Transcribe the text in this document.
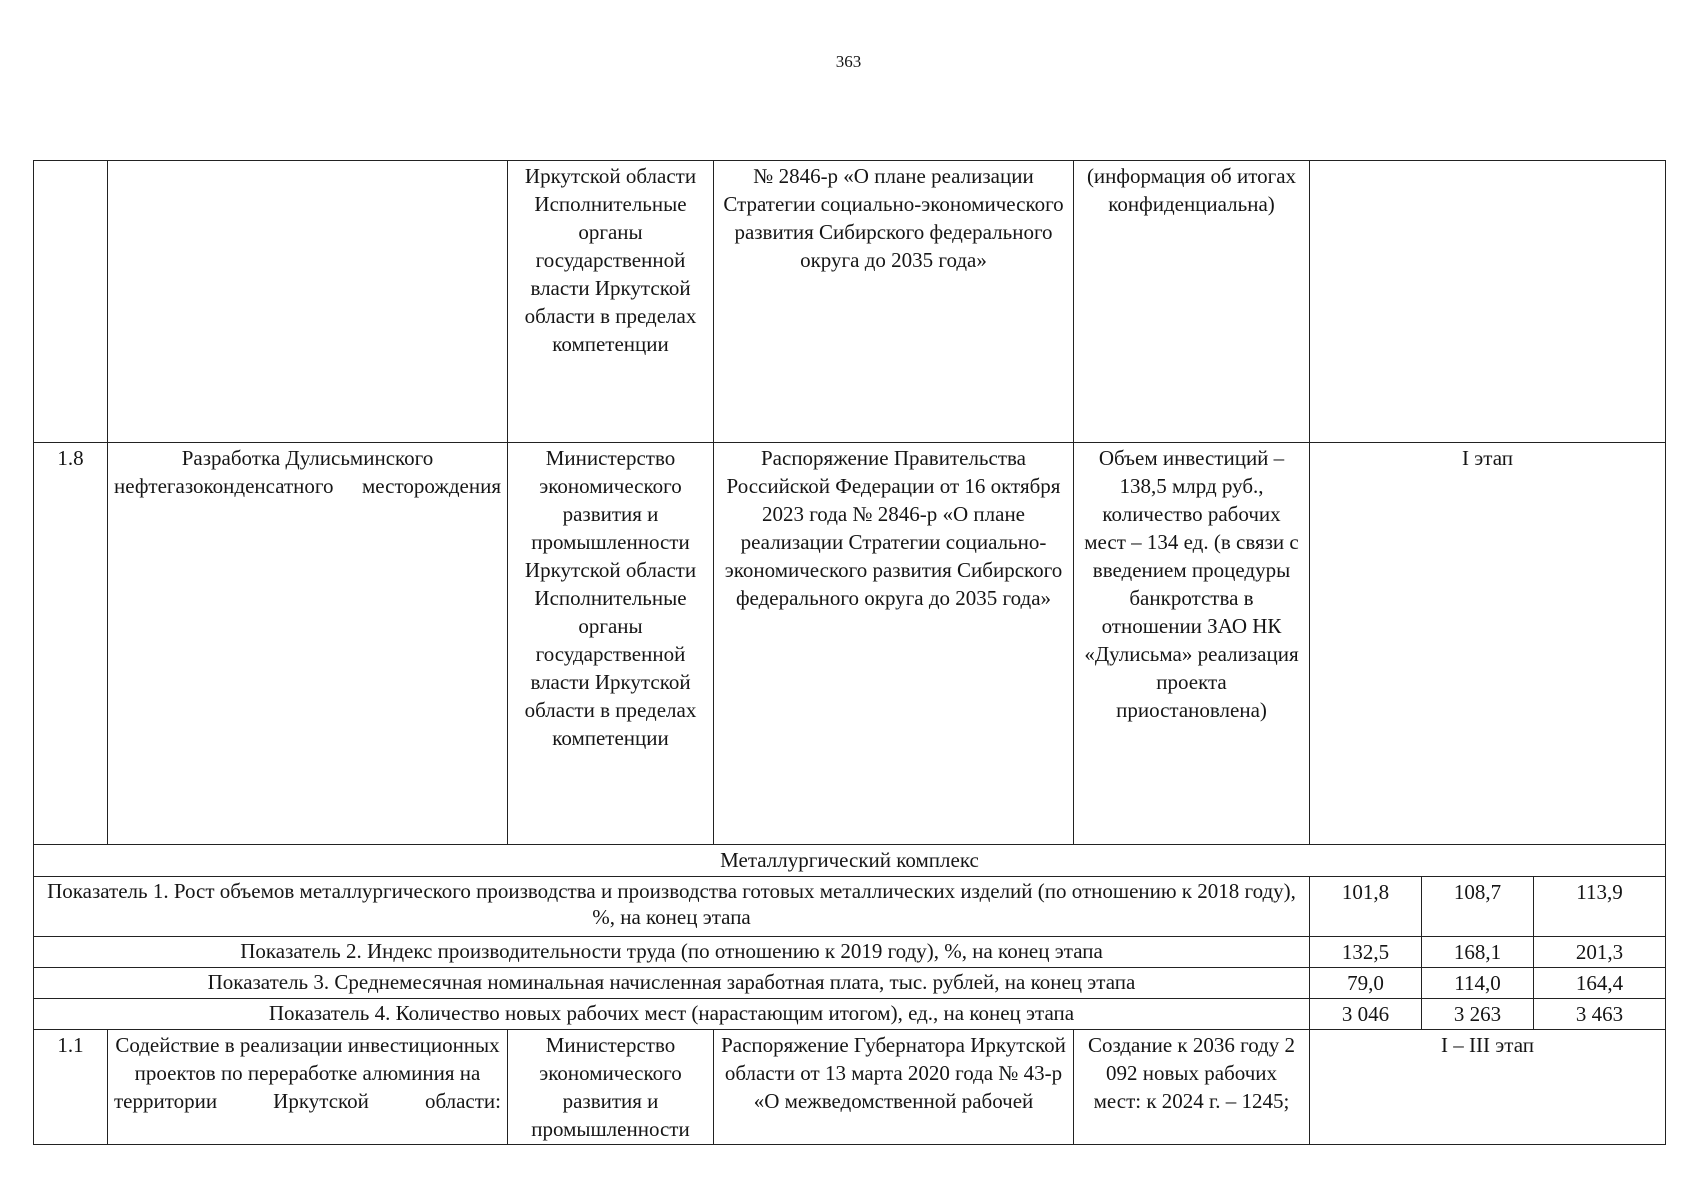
363
		Иркутской области Исполнительные органы государственной власти Иркутской области в пределах компетенции	№ 2846-р «О плане реализации Стратегии социально-экономического развития Сибирского федерального округа до 2035 года»	(информация об итогах конфиденциальна)			
1.8	Разработка Дулисьминского нефтегазоконденсатного месторождения	Министерство экономического развития и промышленности Иркутской области Исполнительные органы государственной власти Иркутской области в пределах компетенции	Распоряжение Правительства Российской Федерации от 16 октября 2023 года № 2846-р «О плане реализации Стратегии социально-экономического развития Сибирского федерального округа до 2035 года»	Объем инвестиций – 138,5 млрд руб., количество рабочих мест – 134 ед. (в связи с введением процедуры банкротства в отношении ЗАО НК «Дулисьма» реализация проекта приостановлена)	I этап		
Металлургический комплекс							
Показатель 1. Рост объемов металлургического производства и производства готовых металлических изделий (по отношению к 2018 году), %, на конец этапа					101,8	108,7	113,9
Показатель 2. Индекс производительности труда (по отношению к 2019 году), %, на конец этапа					132,5	168,1	201,3
Показатель 3. Среднемесячная номинальная начисленная заработная плата, тыс. рублей, на конец этапа					79,0	114,0	164,4
Показатель 4. Количество новых рабочих мест (нарастающим итогом), ед., на конец этапа					3 046	3 263	3 463
1.1	Содействие в реализации инвестиционных проектов по переработке алюминия на территории Иркутской области:	Министерство экономического развития и промышленности	Распоряжение Губернатора Иркутской области от 13 марта 2020 года № 43-р «О межведомственной рабочей	Создание к 2036 году 2 092 новых рабочих мест: к 2024 г. – 1245;	I – III этап		
